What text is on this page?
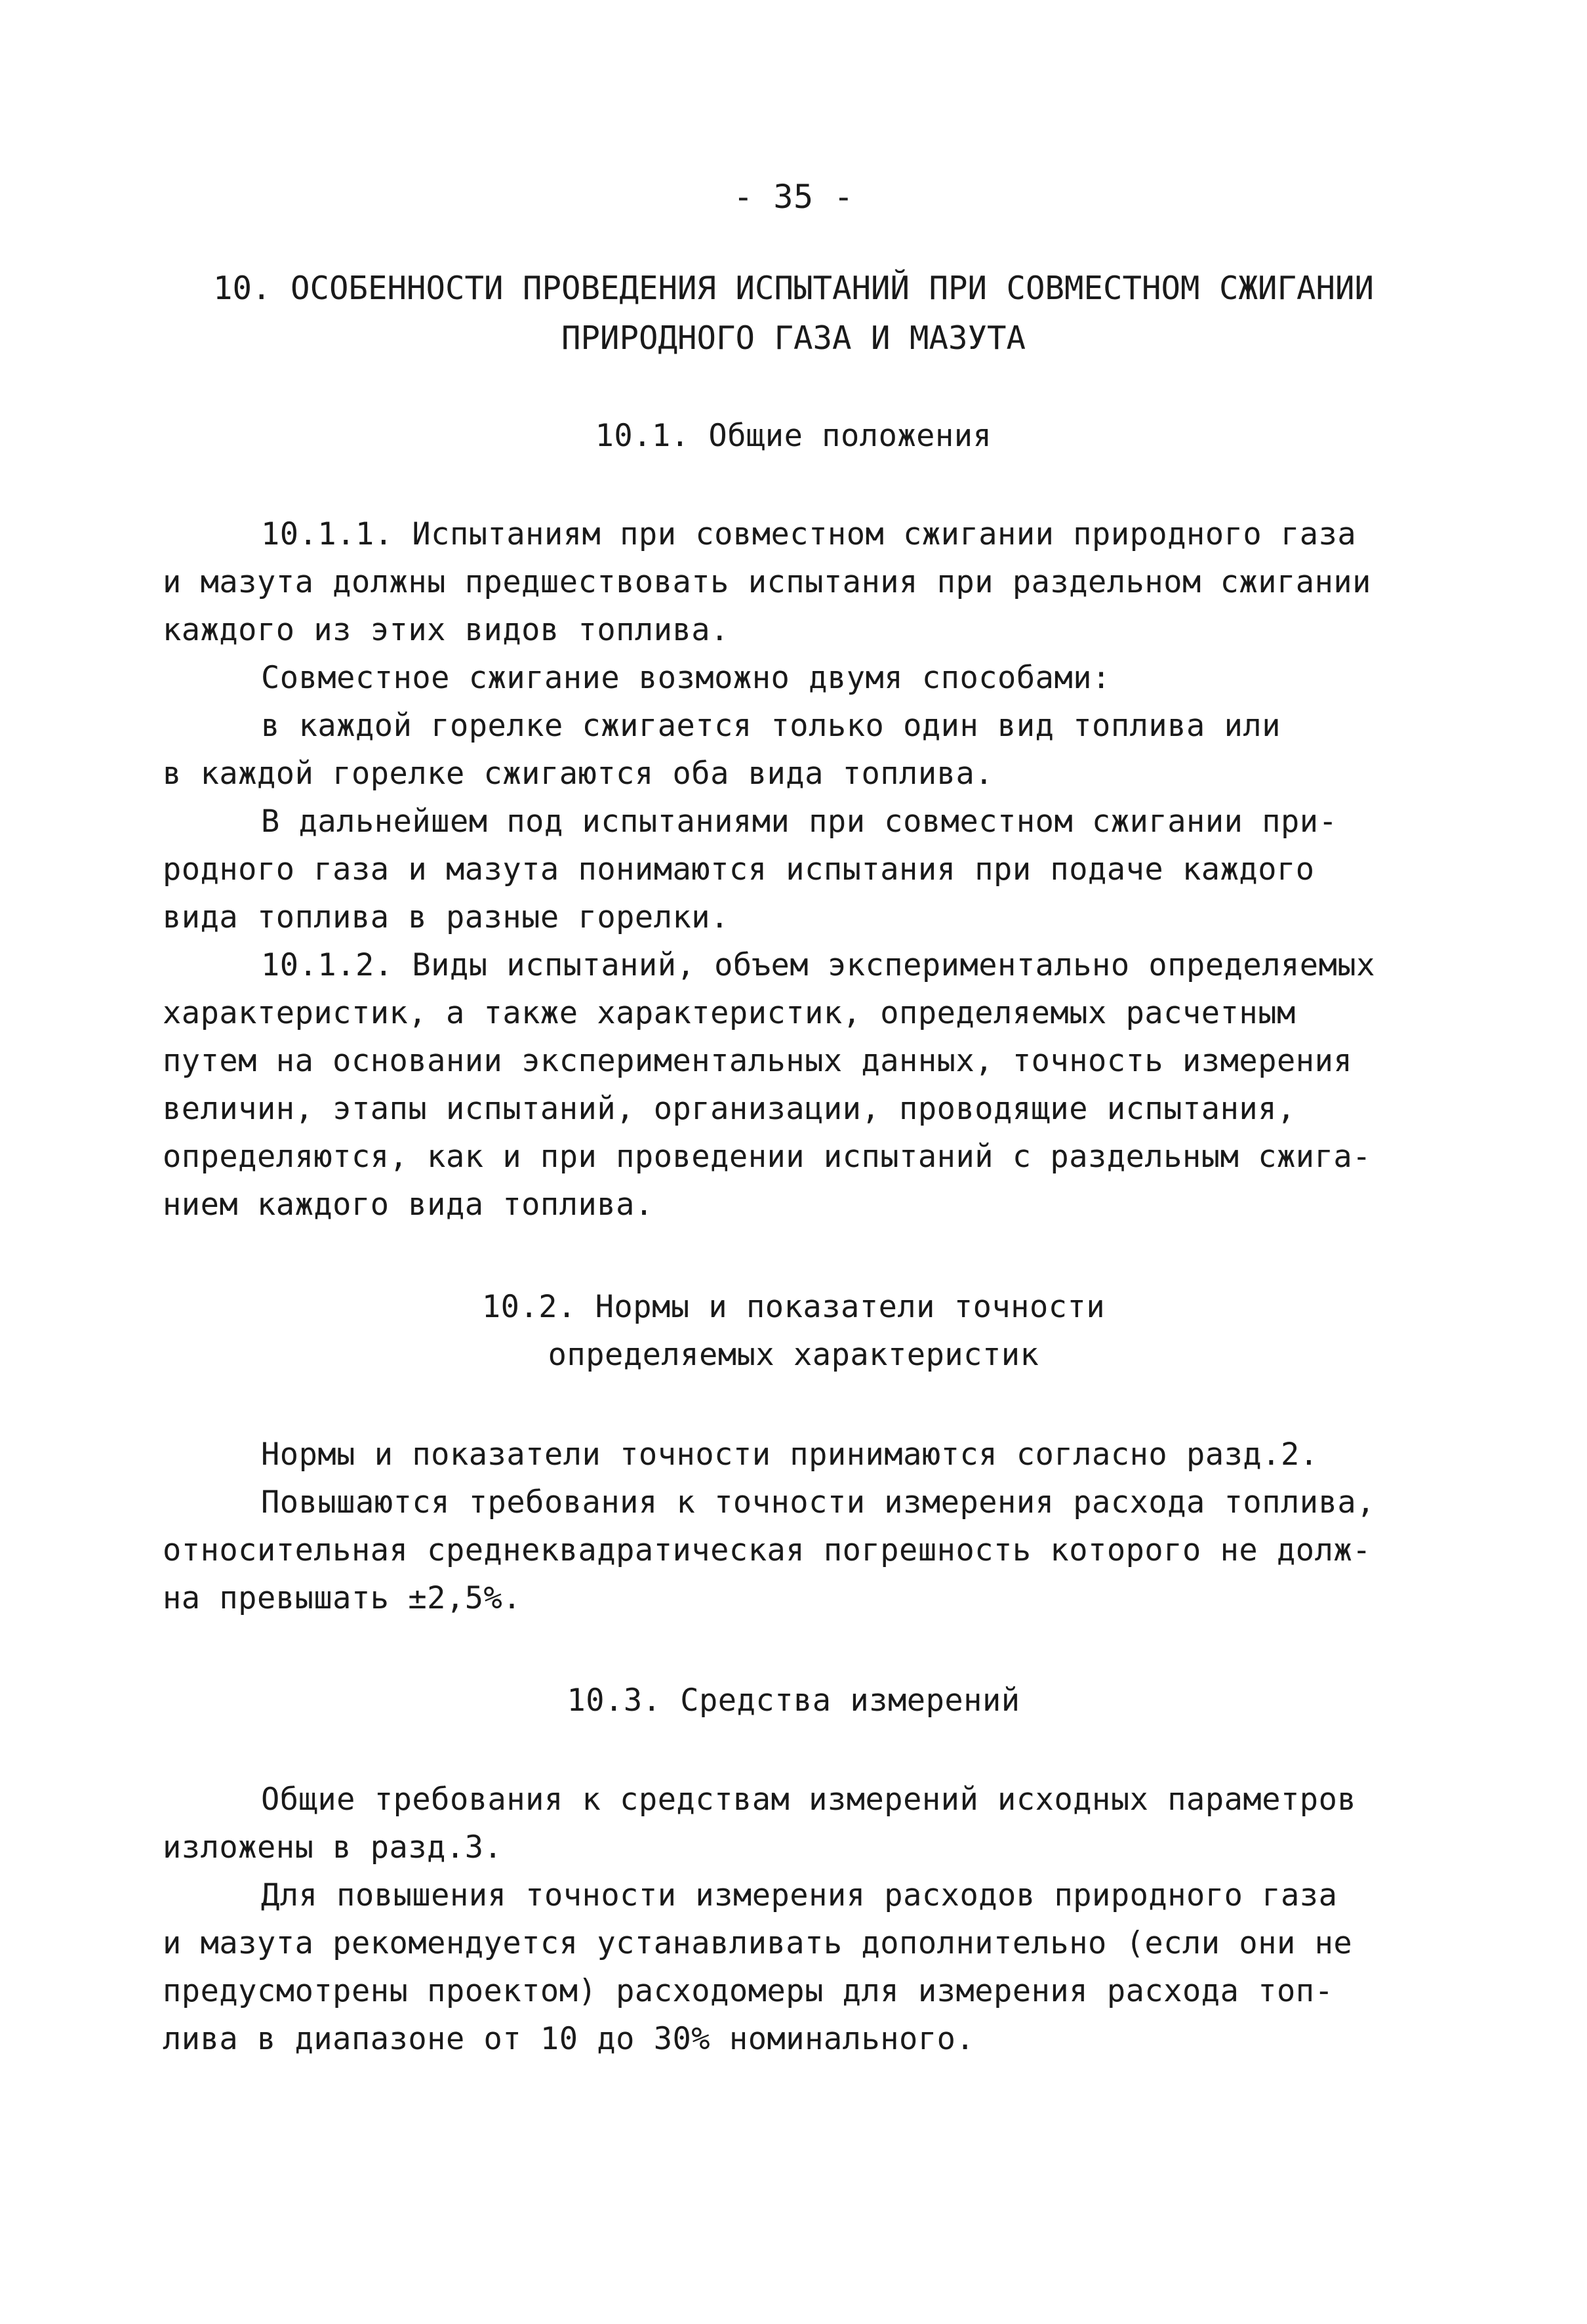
- 35 -
10. ОСОБЕННОСТИ ПРОВЕДЕНИЯ ИСПЫТАНИЙ ПРИ СОВМЕСТНОМ СЖИГАНИИ
ПРИРОДНОГО ГАЗА И МАЗУТА
10.1. Общие положения
10.1.1. Испытаниям при совместном сжигании природного газа
и мазута должны предшествовать испытания при раздельном сжигании
каждого из этих видов топлива.
Совместное сжигание возможно двумя способами:
в каждой горелке сжигается только один вид топлива или
в каждой горелке сжигаются оба вида топлива.
В дальнейшем под испытаниями при совместном сжигании при-
родного газа и мазута понимаются испытания при подаче каждого
вида топлива в разные горелки.
10.1.2. Виды испытаний, объем экспериментально определяемых
характеристик, а также характеристик, определяемых расчетным
путем на основании экспериментальных данных, точность измерения
величин, этапы испытаний, организации, проводящие испытания,
определяются, как и при проведении испытаний с раздельным сжига-
нием каждого вида топлива.
10.2. Нормы и показатели точности
определяемых характеристик
Нормы и показатели точности принимаются согласно разд.2.
Повышаются требования к точности измерения расхода топлива,
относительная среднеквадратическая погрешность которого не долж-
на превышать ±2,5%.
10.3. Средства измерений
Общие требования к средствам измерений исходных параметров
изложены в разд.3.
Для повышения точности измерения расходов природного газа
и мазута рекомендуется устанавливать дополнительно (если они не
предусмотрены проектом) расходомеры для измерения расхода топ-
лива в диапазоне от 10 до 30% номинального.
